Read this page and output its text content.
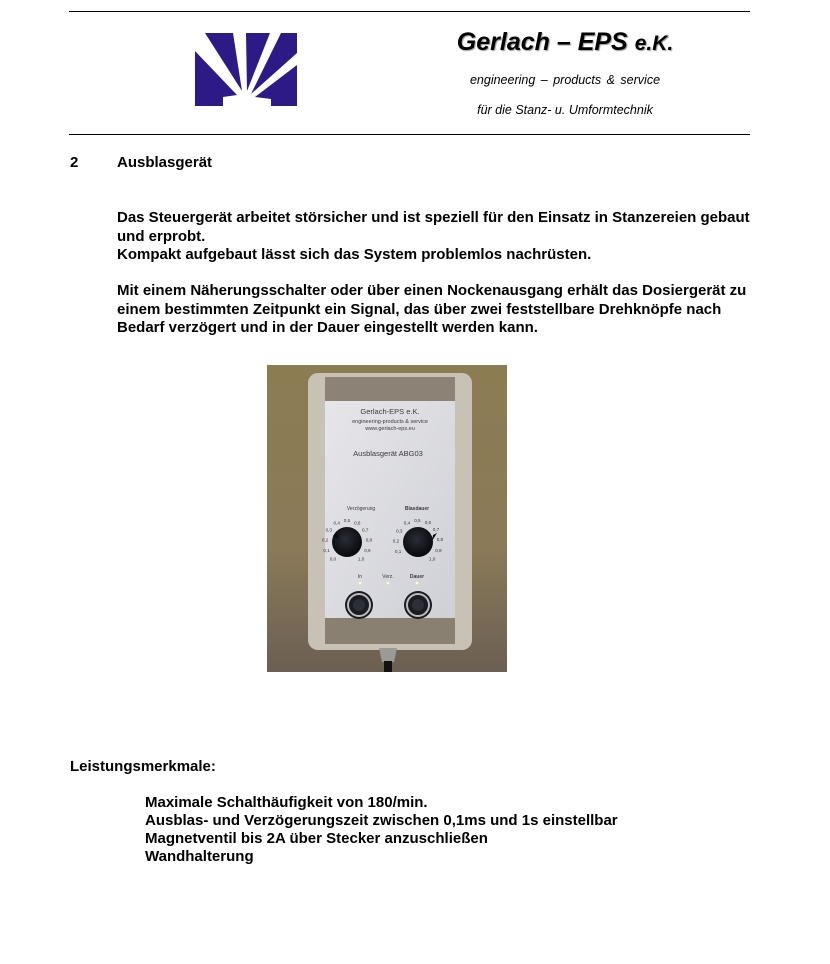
Gerlach – EPS e.K.
engineering – products & service
für die Stanz- u. Umformtechnik
2	Ausblasgerät
Das Steuergerät arbeitet störsicher und ist speziell für den Einsatz in Stanzereien gebaut und erprobt.
Kompakt aufgebaut lässt sich das System problemlos nachrüsten.
Mit einem Näherungsschalter oder über einen Nockenausgang erhält das Dosiergerät zu einem bestimmten Zeitpunkt ein Signal, das über zwei feststellbare Drehknöpfe nach Bedarf verzögert und in der Dauer eingestellt werden kann.
Gerlach-EPS e.K.
engineering-products & service
www.gerlach-eps.eu
Ausblasgerät ABG03
Verzögerung	Blasdauer
0,0
0,1
0,2
0,3
0,4
0,5
0,6
0,7
0,8
0,9
1,0
0,1
0,2
0,3
0,4
0,5 0,6
0,7
0,8
0,9
1,0
In	Verz.	Dauer
Leistungsmerkmale:
Maximale Schalthäufigkeit von 180/min.
Ausblas- und Verzögerungszeit zwischen 0,1ms und 1s einstellbar
Magnetventil bis 2A über Stecker anzuschließen
Wandhalterung
